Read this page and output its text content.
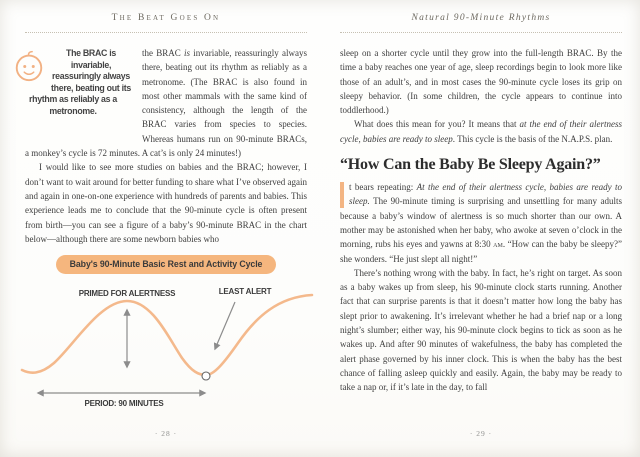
The Beat Goes On

The BRAC is invariable, reassuringly always there, beating out its rhythm as reliably as a metronome.
the BRAC is invariable, reassuringly always there, beating out its rhythm as reliably as a metronome. (The BRAC is also found in most other mammals with the same kind of consistency, although the length of the BRAC varies from species to species. Whereas humans run on 90-minute BRACs, a monkey’s cycle is 72 minutes. A cat’s is only 24 minutes!)

I would like to see more studies on babies and the BRAC; however, I don’t want to wait around for better funding to share what I’ve observed again and again in one-on-one experience with hundreds of parents and babies. This experience leads me to conclude that the 90-minute cycle is often present from birth—you can see a figure of a baby’s 90-minute BRAC in the chart below—although there are some newborn babies who

Baby's 90-Minute Basic Rest and Activity Cycle
PRIMED FOR ALERTNESS	LEAST ALERT
PERIOD: 90 MINUTES
· 28 ·
Natural 90-Minute Rhythms

sleep on a shorter cycle until they grow into the full-length BRAC. By the time a baby reaches one year of age, sleep recordings begin to look more like those of an adult’s, and in most cases the 90-minute cycle loses its grip on sleepy behavior. (In some children, the cycle appears to continue into toddlerhood.)

What does this mean for you? It means that at the end of their alertness cycle, babies are ready to sleep. This cycle is the basis of the N.A.P.S. plan.

“How Can the Baby Be Sleepy Again?”

t bears repeating: At the end of their alertness cycle, babies are ready to sleep. The 90-minute timing is surprising and unsettling for many adults because a baby’s window of alertness is so much shorter than our own. A mother may be astonished when her baby, who awoke at seven o’clock in the morning, rubs his eyes and yawns at 8:30 am. “How can the baby be sleepy?” she wonders. “He just slept all night!”

There’s nothing wrong with the baby. In fact, he’s right on target. As soon as a baby wakes up from sleep, his 90-minute clock starts running. Another fact that can surprise parents is that it doesn’t matter how long the baby has slept prior to awakening. It’s irrelevant whether he had a brief nap or a long night’s slumber; either way, his 90-minute clock begins to tick as soon as he wakes up. And after 90 minutes of wakefulness, the baby has completed the alert phase governed by his inner clock. This is when the baby has the best chance of falling asleep quickly and easily. Again, the baby may be ready to take a nap or, if it’s late in the day, to fall

· 29 ·
